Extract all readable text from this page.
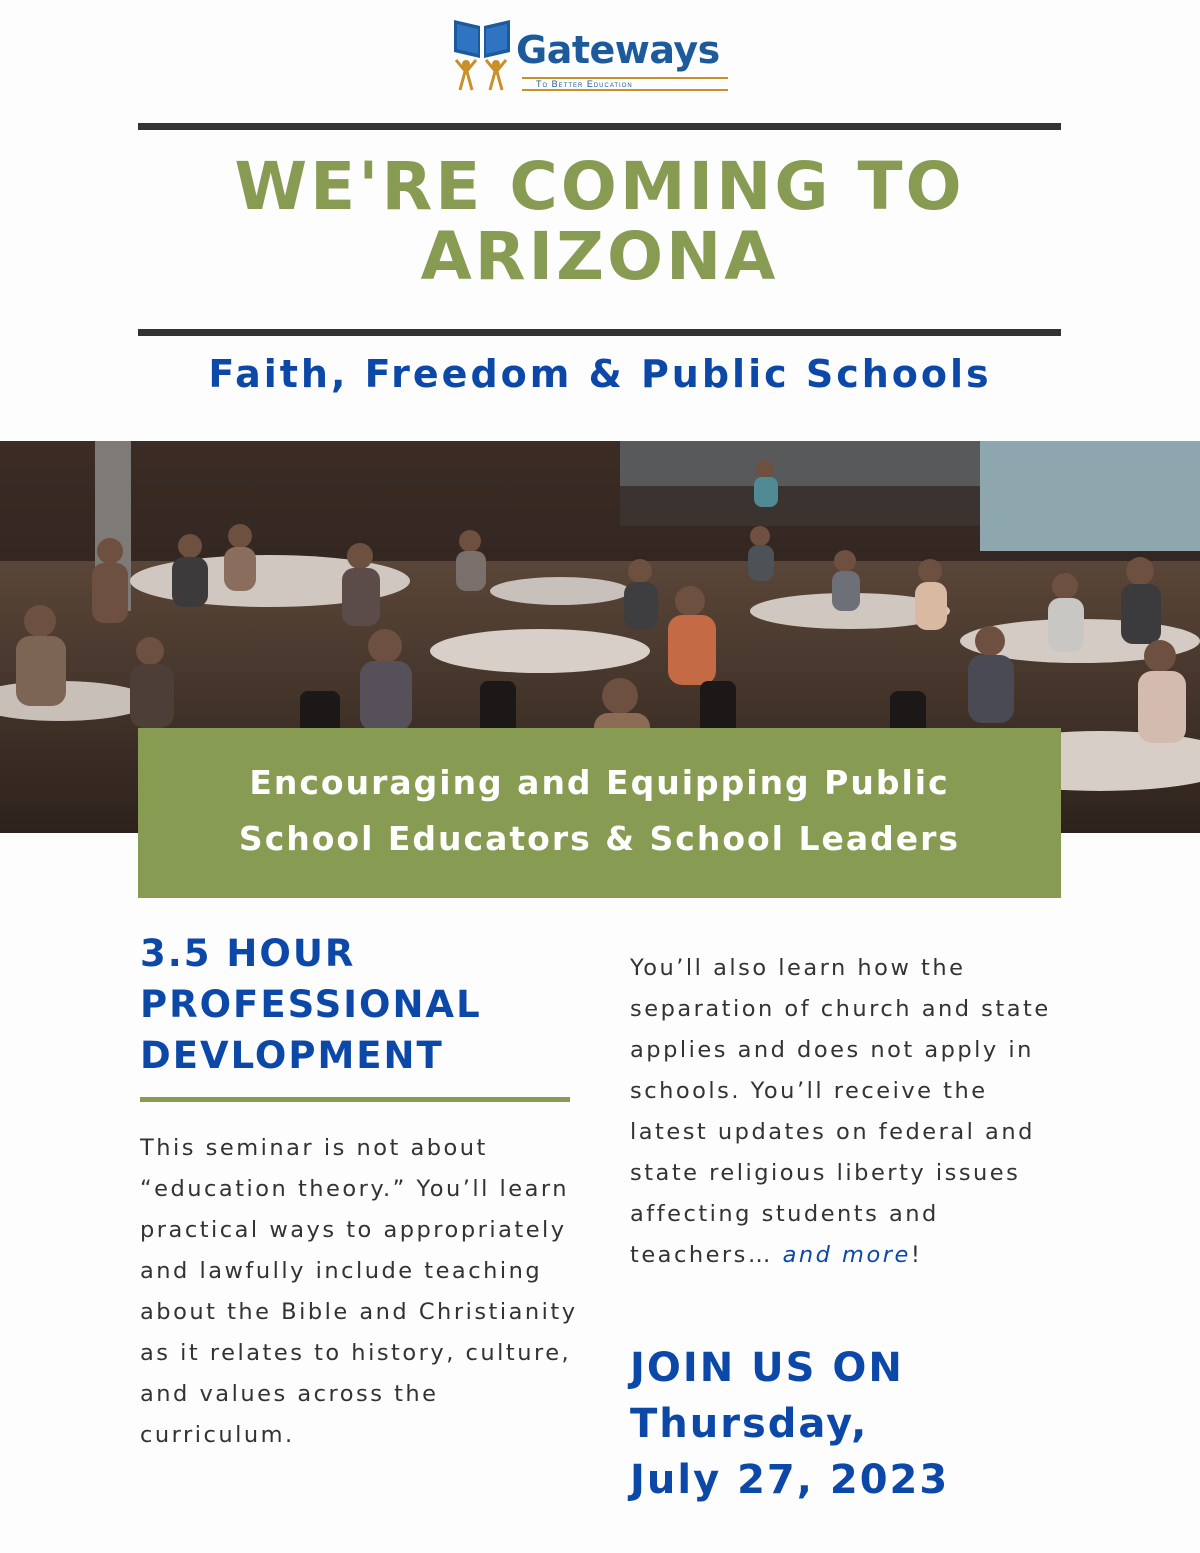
Gateways
To Better Education
WE'RE COMING TO
ARIZONA
Faith, Freedom & Public Schools
Encouraging and Equipping Public
School Educators & School Leaders
3.5 HOUR
PROFESSIONAL
DEVLOPMENT
This seminar is not about “education theory.” You’ll learn practical ways to appropriately and lawfully include teaching about the Bible and Christianity as it relates to history, culture, and values across the curriculum.
You’ll also learn how the separation of church and state applies and does not apply in schools. You’ll receive the latest updates on federal and state religious liberty issues affecting students and teachers… and more!
JOIN US ON
Thursday,
July 27, 2023
